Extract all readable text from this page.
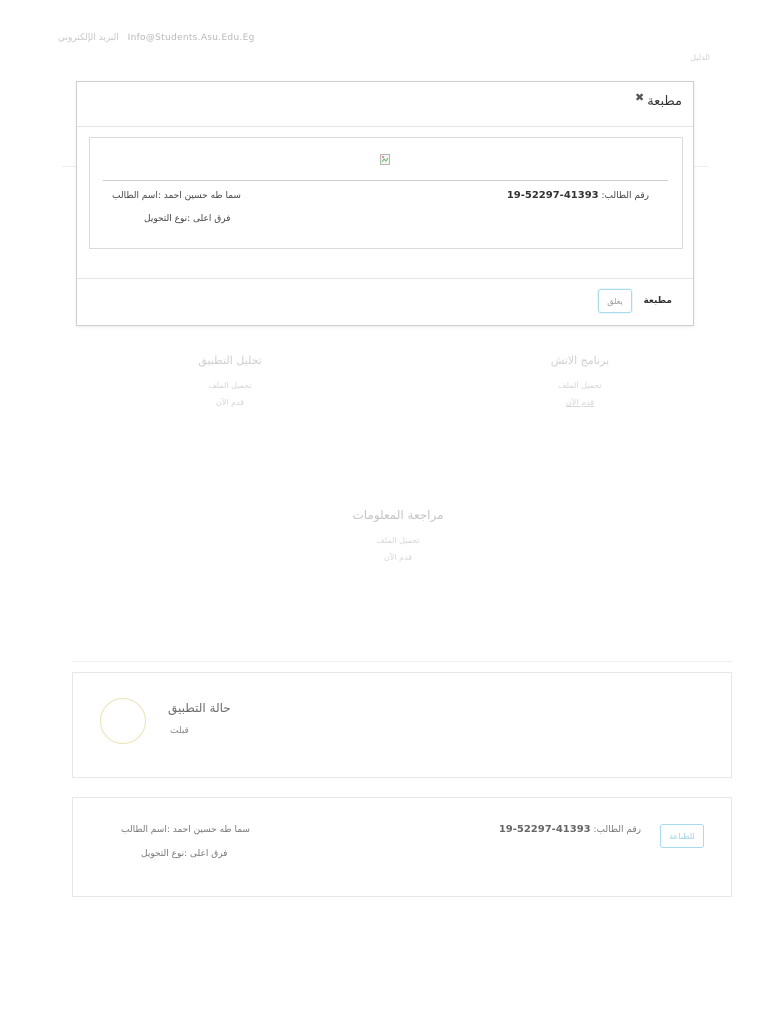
البريد الإلكتروني Info@Students.Asu.Edu.Eg
الدليل
تحليل التطبيق
تحميل الملف
قدم الآن
برنامج الاتش
تحميل الملف
قدم الآن
مراجعة المعلومات
تحميل الملف
قدم الآن
حالة التطبيق
قبلت
سما طه حسين احمد :اسم الطالب
فرق اعلى :نوع التحويل
19-52297-41393 :رقم الطالب
للطباعة
✖ مطبعة
سما طه حسين احمد :اسم الطالب
فرق اعلى :نوع التحويل
19-52297-41393 :رقم الطالب
يغلق	مطبعة
